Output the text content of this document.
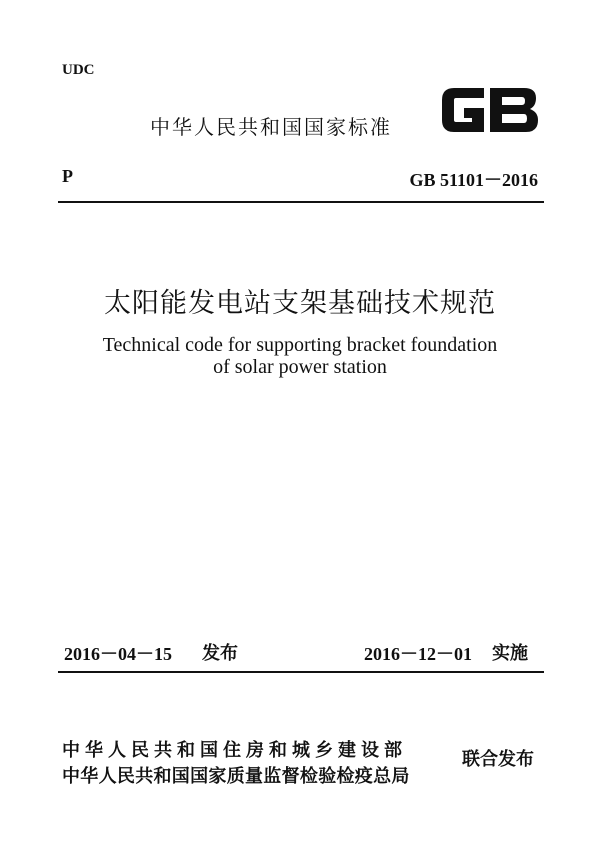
UDC
中华人民共和国国家标准
P	GB 51101－2016
太阳能发电站支架基础技术规范
Technical code for supporting bracket foundation
of solar power station
2016－04－15 发布	2016－12－01 实施
中华人民共和国住房和城乡建设部
中华人民共和国国家质量监督检验检疫总局
联合发布
